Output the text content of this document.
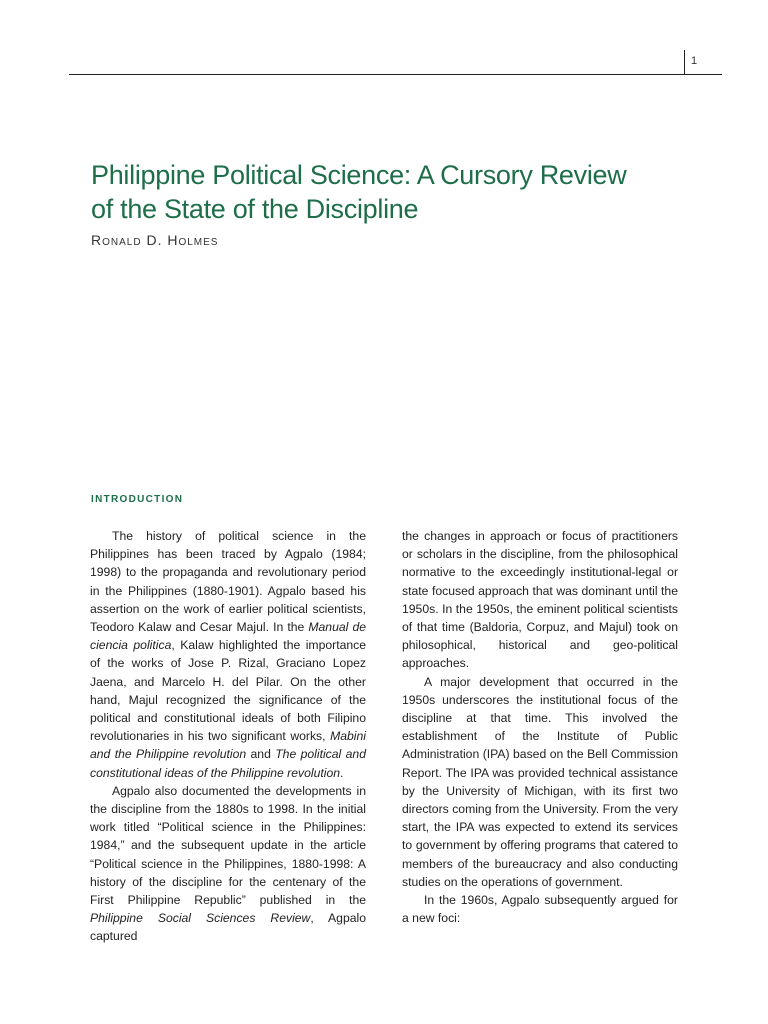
1
Philippine Political Science: A Cursory Review of the State of the Discipline
Ronald D. Holmes
INTRODUCTION

The history of political science in the Philippines has been traced by Agpalo (1984; 1998) to the propaganda and revolutionary period in the Philippines (1880-1901). Agpalo based his assertion on the work of earlier political scientists, Teodoro Kalaw and Cesar Majul. In the Manual de ciencia politica, Kalaw highlighted the importance of the works of Jose P. Rizal, Graciano Lopez Jaena, and Marcelo H. del Pilar. On the other hand, Majul recognized the significance of the political and constitutional ideals of both Filipino revolutionaries in his two significant works, Mabini and the Philippine revolution and The political and constitutional ideas of the Philippine revolution.

Agpalo also documented the developments in the discipline from the 1880s to 1998. In the initial work titled “Political science in the Philippines: 1984,” and the subsequent update in the article “Political science in the Philippines, 1880-1998: A history of the discipline for the centenary of the First Philippine Republic” published in the Philippine Social Sciences Review, Agpalo captured

the changes in approach or focus of practitioners or scholars in the discipline, from the philosophical normative to the exceedingly institutional-legal or state focused approach that was dominant until the 1950s. In the 1950s, the eminent political scientists of that time (Baldoria, Corpuz, and Majul) took on philosophical, historical and geo-political approaches.

A major development that occurred in the 1950s underscores the institutional focus of the discipline at that time. This involved the establishment of the Institute of Public Administration (IPA) based on the Bell Commission Report. The IPA was provided technical assistance by the University of Michigan, with its first two directors coming from the University. From the very start, the IPA was expected to extend its services to government by offering programs that catered to members of the bureaucracy and also conducting studies on the operations of government.

In the 1960s, Agpalo subsequently argued for a new foci:
